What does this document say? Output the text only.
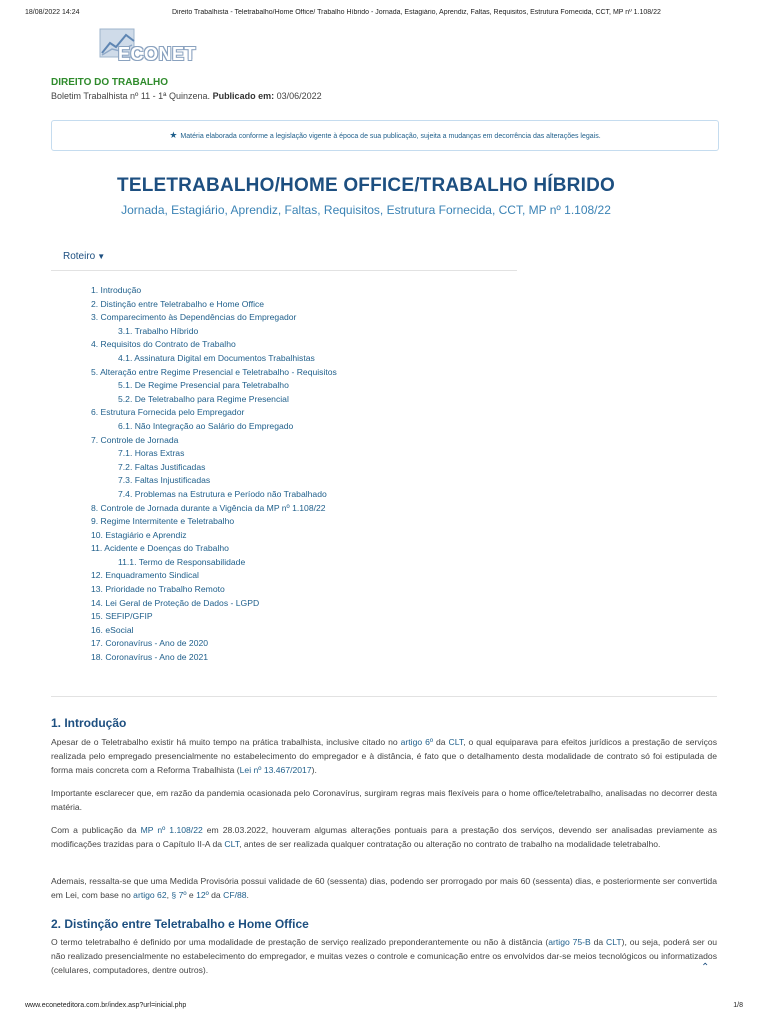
18/08/2022 14:24	Direito Trabalhista - Teletrabalho/Home Office/ Trabalho Híbrido - Jornada, Estagiário, Aprendiz, Faltas, Requisitos, Estrutura Fornecida, CCT, MP nº 1.108/22
ECONET
DIREITO DO TRABALHO
Boletim Trabalhista nº 11 - 1ª Quinzena. Publicado em: 03/06/2022
★ Matéria elaborada conforme a legislação vigente à época de sua publicação, sujeita a mudanças em decorrência das alterações legais.
TELETRABALHO/HOME OFFICE/TRABALHO HÍBRIDO
Jornada, Estagiário, Aprendiz, Faltas, Requisitos, Estrutura Fornecida, CCT, MP nº 1.108/22
Roteiro ▼
1. Introdução
2. Distinção entre Teletrabalho e Home Office
3. Comparecimento às Dependências do Empregador
3.1. Trabalho Híbrido
4. Requisitos do Contrato de Trabalho
4.1. Assinatura Digital em Documentos Trabalhistas
5. Alteração entre Regime Presencial e Teletrabalho - Requisitos
5.1. De Regime Presencial para Teletrabalho
5.2. De Teletrabalho para Regime Presencial
6. Estrutura Fornecida pelo Empregador
6.1. Não Integração ao Salário do Empregado
7. Controle de Jornada
7.1. Horas Extras
7.2. Faltas Justificadas
7.3. Faltas Injustificadas
7.4. Problemas na Estrutura e Período não Trabalhado
8. Controle de Jornada durante a Vigência da MP nº 1.108/22
9. Regime Intermitente e Teletrabalho
10. Estagiário e Aprendiz
11. Acidente e Doenças do Trabalho
11.1. Termo de Responsabilidade
12. Enquadramento Sindical
13. Prioridade no Trabalho Remoto
14. Lei Geral de Proteção de Dados - LGPD
15. SEFIP/GFIP
16. eSocial
17. Coronavírus - Ano de 2020
18. Coronavírus - Ano de 2021
1. Introdução

Apesar de o Teletrabalho existir há muito tempo na prática trabalhista, inclusive citado no artigo 6º da CLT, o qual equiparava para efeitos jurídicos a prestação de serviços realizada pelo empregado presencialmente no estabelecimento do empregador e à distância, é fato que o detalhamento desta modalidade de contrato só foi estipulada de forma mais concreta com a Reforma Trabalhista (Lei nº 13.467/2017).

Importante esclarecer que, em razão da pandemia ocasionada pelo Coronavírus, surgiram regras mais flexíveis para o home office/teletrabalho, analisadas no decorrer desta matéria.

Com a publicação da MP nº 1.108/22 em 28.03.2022, houveram algumas alterações pontuais para a prestação dos serviços, devendo ser analisadas previamente as modificações trazidas para o Capítulo II-A da CLT, antes de ser realizada qualquer contratação ou alteração no contrato de trabalho na modalidade teletrabalho.

Ademais, ressalta-se que uma Medida Provisória possui validade de 60 (sessenta) dias, podendo ser prorrogado por mais 60 (sessenta) dias, e posteriormente ser convertida em Lei, com base no artigo 62, § 7º e 12º da CF/88.

2. Distinção entre Teletrabalho e Home Office

O termo teletrabalho é definido por uma modalidade de prestação de serviço realizado preponderantemente ou não à distância (artigo 75-B da CLT), ou seja, poderá ser ou não realizado presencialmente no estabelecimento do empregador, e muitas vezes o controle e comunicação entre os envolvidos dar-se meios tecnológicos ou informatizados (celulares, computadores, dentre outros).	⌃
www.econeteditora.com.br/index.asp?url=inicial.php	1/8
